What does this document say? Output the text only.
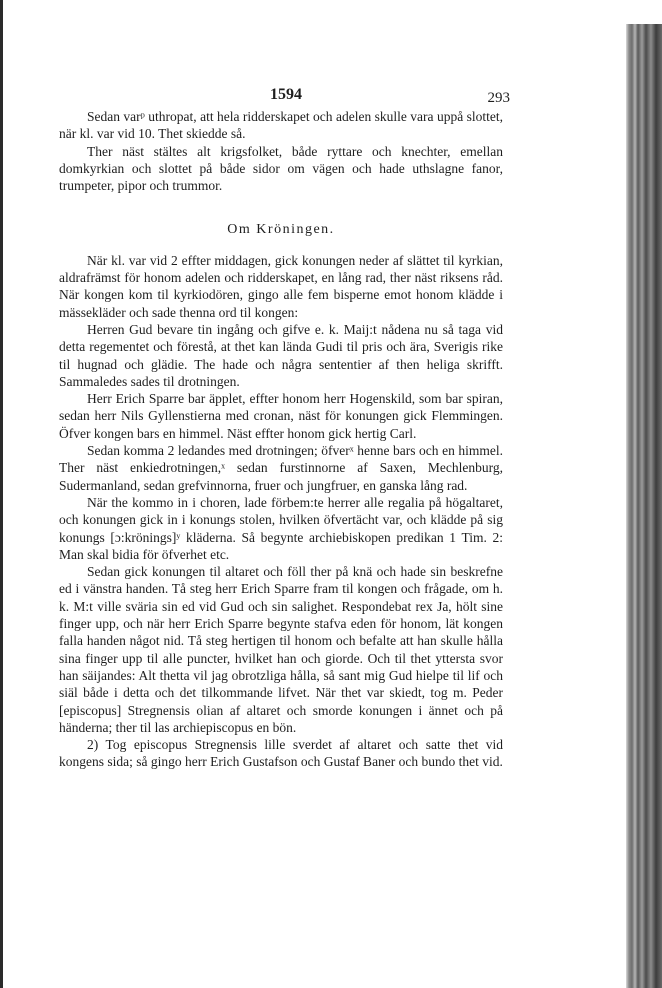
1594	293

Sedan varᵖ uthropat, att hela ridderskapet och adelen skulle vara uppå slottet, när kl. var vid 10. Thet skiedde så.

Ther näst stältes alt krigsfolket, både ryttare och knechter, emellan domkyrkian och slottet på både sidor om vägen och hade uthslagne fanor, trumpeter, pipor och trummor.

Om Kröningen.

När kl. var vid 2 effter middagen, gick konungen neder af slättet til kyrkian, aldrafrämst för honom adelen och ridderskapet, en lång rad, ther näst riksens råd. När kongen kom til kyrkiodören, gingo alle fem bisperne emot honom klädde i mässekläder och sade thenna ord til kongen:

Herren Gud bevare tin ingång och gifve e. k. Maij:t nådena nu så taga vid detta regementet och förestå, at thet kan lända Gudi til pris och ära, Sverigis rike til hugnad och glädie. The hade och några sententier af then heliga skrifft. Sammaledes sades til drotningen.

Herr Erich Sparre bar äpplet, effter honom herr Hogenskild, som bar spiran, sedan herr Nils Gyllenstierna med cronan, näst för konungen gick Flemmingen. Öfver kongen bars en himmel. Näst effter honom gick hertig Carl.

Sedan komma 2 ledandes med drotningen; öfverˣ henne bars och en himmel. Ther näst enkiedrotningen,ˣ sedan furstinnorne af Saxen, Mechlenburg, Sudermanland, sedan grefvinnorna, fruer och jungfruer, en ganska lång rad.

När the kommo in i choren, lade förbem:te herrer alle regalia på högaltaret, och konungen gick in i konungs stolen, hvilken öfvertächt var, och klädde på sig konungs [ɔ:krönings]ʸ kläderna. Så begynte archiebiskopen predikan 1 Tim. 2: Man skal bidia för öfverhet etc.

Sedan gick konungen til altaret och föll ther på knä och hade sin beskrefne ed i vänstra handen. Tå steg herr Erich Sparre fram til kongen och frågade, om h. k. M:t ville sväria sin ed vid Gud och sin salighet. Respondebat rex Ja, hölt sine finger upp, och när herr Erich Sparre begynte stafva eden för honom, lät kongen falla handen något nid. Tå steg hertigen til honom och befalte att han skulle hålla sina finger upp til alle puncter, hvilket han och giorde. Och til thet yttersta svor han säijandes: Alt thetta vil jag obrotzliga hålla, så sant mig Gud hielpe til lif och siäl både i detta och det tilkommande lifvet. När thet var skiedt, tog m. Peder [episcopus] Stregnensis olian af altaret och smorde konungen i ännet och på händerna; ther til las archiepiscopus en bön.

2) Tog episcopus Stregnensis lille sverdet af altaret och satte thet vid kongens sida; så gingo herr Erich Gustafson och Gustaf Baner och bundo thet vid.
